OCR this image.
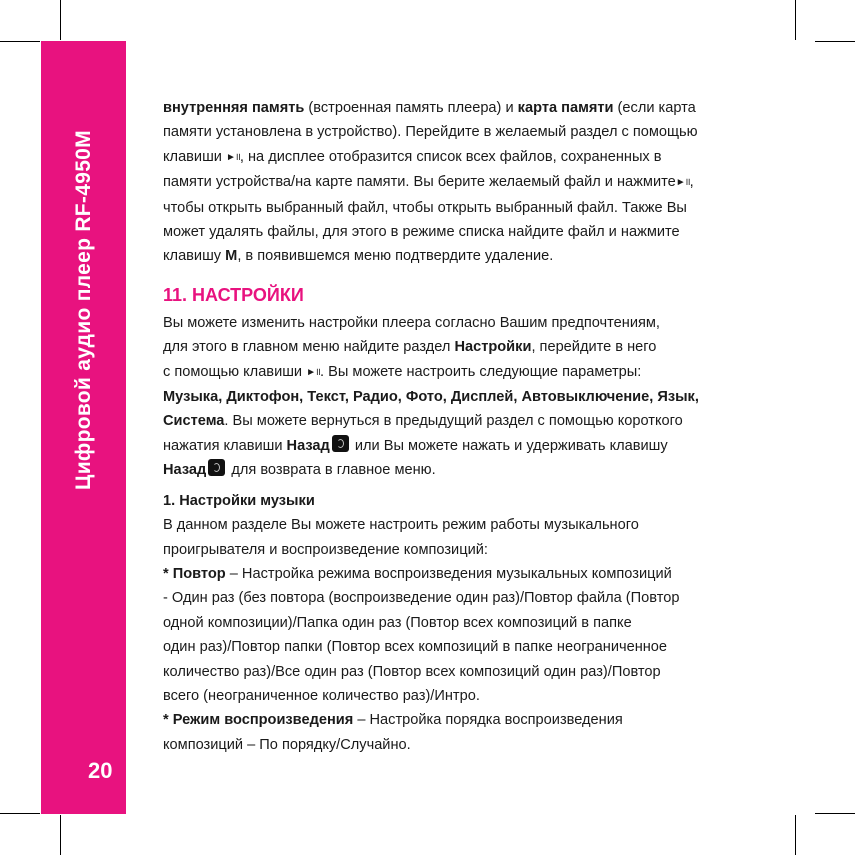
Цифровой аудио плеер RF-4950M
20

внутренняя память (встроенная память плеера) и карта памяти (если карта
памяти установлена в устройство). Перейдите в желаемый раздел с помощью
клавиши ►॥, на дисплее отобразится список всех файлов, сохраненных в
памяти устройства/на карте памяти. Вы берите желаемый файл и нажмите►॥,
чтобы открыть выбранный файл, чтобы открыть выбранный файл. Также Вы
может удалять файлы, для этого в режиме списка найдите файл и нажмите
клавишу M, в появившемся меню подтвердите удаление.

11. НАСТРОЙКИ

Вы можете изменить настройки плеера согласно Вашим предпочтениям,
для этого в главном меню найдите раздел Настройки, перейдите в него
с помощью клавиши ►॥. Вы можете настроить следующие параметры:
Музыка, Диктофон, Текст, Радио, Фото, Дисплей, Автовыключение, Язык,
Система. Вы можете вернуться в предыдущий раздел с помощью короткого
нажатия клавиши Назад или Вы можете нажать и удерживать клавишу
Назад для возврата в главное меню.

1. Настройки музыки

В данном разделе Вы можете настроить режим работы музыкального
проигрывателя и воспроизведение композиций:
* Повтор – Настройка режима воспроизведения музыкальных композиций
- Один раз (без повтора (воспроизведение один раз)/Повтор файла (Повтор
одной композиции)/Папка один раз (Повтор всех композиций в папке
один раз)/Повтор папки (Повтор всех композиций в папке неограниченное
количество раз)/Все один раз (Повтор всех композиций один раз)/Повтор
всего (неограниченное количество раз)/Интро.
* Режим воспроизведения – Настройка порядка воспроизведения
композиций – По порядку/Случайно.
